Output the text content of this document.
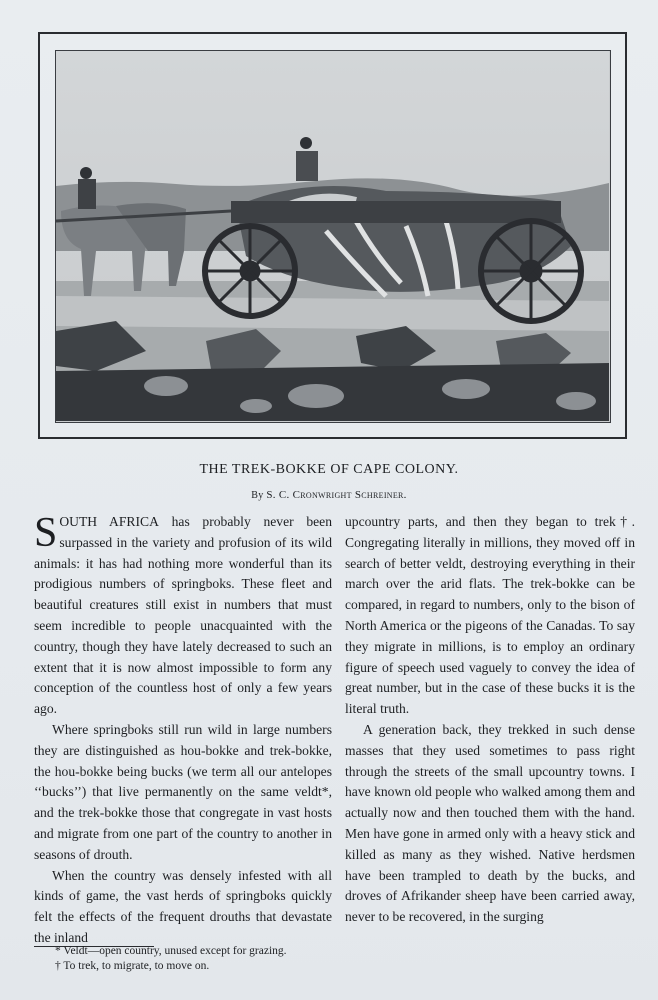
THE TREK-BOKKE OF CAPE COLONY.
By S. C. Cronwright Schreiner.

SOUTH AFRICA has probably never been surpassed in the variety and profusion of its wild animals: it has had nothing more wonderful than its prodigious numbers of springboks. These fleet and beautiful creatures still exist in numbers that must seem incredible to people unacquainted with the country, though they have lately decreased to such an extent that it is now almost impossible to form any conception of the countless host of only a few years ago.

Where springboks still run wild in large numbers they are distinguished as hou-bokke and trek-bokke, the hou-bokke being bucks (we term all our antelopes ‘‘bucks’’) that live permanently on the same veldt*, and the trek-bokke those that congregate in vast hosts and migrate from one part of the country to another in seasons of drouth.

When the country was densely infested with all kinds of game, the vast herds of springboks quickly felt the effects of the frequent drouths that devastate the inland

upcountry parts, and then they began to trek†. Congregating literally in millions, they moved off in search of better veldt, destroying everything in their march over the arid flats. The trek-bokke can be compared, in regard to numbers, only to the bison of North America or the pigeons of the Canadas. To say they migrate in millions, is to employ an ordinary figure of speech used vaguely to convey the idea of great number, but in the case of these bucks it is the literal truth.

A generation back, they trekked in such dense masses that they used sometimes to pass right through the streets of the small upcountry towns. I have known old people who walked among them and actually now and then touched them with the hand. Men have gone in armed only with a heavy stick and killed as many as they wished. Native herdsmen have been trampled to death by the bucks, and droves of Afrikander sheep have been carried away, never to be recovered, in the surging

* Veldt—open country, unused except for grazing.
† To trek, to migrate, to move on.
